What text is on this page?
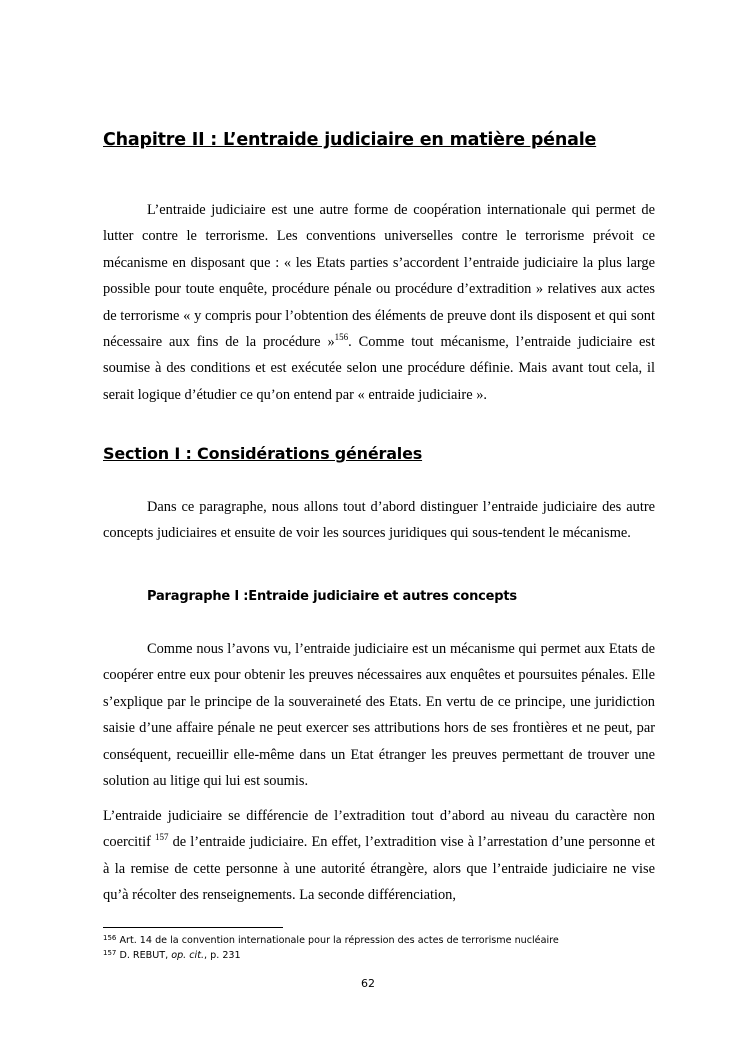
Chapitre II : L’entraide judiciaire en matière pénale

L’entraide judiciaire est une autre forme de coopération internationale qui permet de lutter contre le terrorisme. Les conventions universelles contre le terrorisme prévoit ce mécanisme en disposant que : « les Etats parties s’accordent l’entraide judiciaire la plus large possible pour toute enquête, procédure pénale ou procédure d’extradition » relatives aux actes de terrorisme « y compris pour l’obtention des éléments de preuve dont ils disposent et qui sont nécessaire aux fins de la procédure »$^{156}$. Comme tout mécanisme, l’entraide judiciaire est soumise à des conditions et est exécutée selon une procédure définie. Mais avant tout cela, il serait logique d’étudier ce qu’on entend par « entraide judiciaire ».

Section I : Considérations générales

Dans ce paragraphe, nous allons tout d’abord distinguer l’entraide judiciaire des autre concepts judiciaires et ensuite de voir les sources juridiques qui sous-tendent le mécanisme.

Paragraphe I :Entraide judiciaire et autres concepts

Comme nous l’avons vu, l’entraide judiciaire est un mécanisme qui permet aux Etats de coopérer entre eux pour obtenir les preuves nécessaires aux enquêtes et poursuites pénales. Elle s’explique par le principe de la souveraineté des Etats. En vertu de ce principe, une juridiction saisie d’une affaire pénale ne peut exercer ses attributions hors de ses frontières et ne peut, par conséquent, recueillir elle-même dans un Etat étranger les preuves permettant de trouver une solution au litige qui lui est soumis.

L’entraide judiciaire se différencie de l’extradition tout d’abord au niveau du caractère non coercitif $^{157}$ de l’entraide judiciaire. En effet, l’extradition vise à l’arrestation d’une personne et à la remise de cette personne à une autorité étrangère, alors que l’entraide judiciaire ne vise qu’à récolter des renseignements. La seconde différenciation,

$^{156}$ Art. 14 de la convention internationale pour la répression des actes de terrorisme nucléaire

$^{157}$ D. REBUT, op. cit., p. 231

62
